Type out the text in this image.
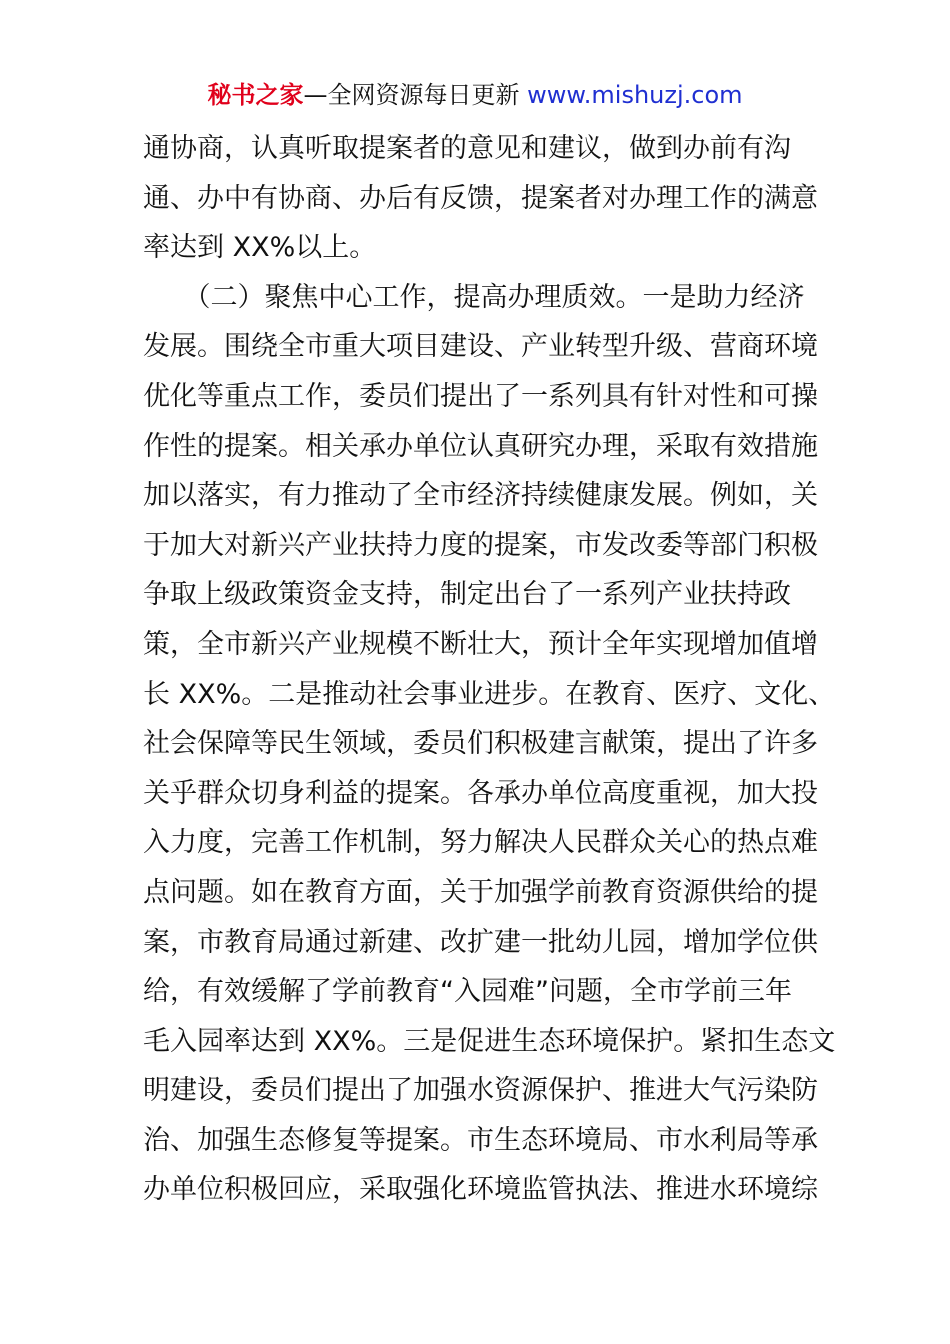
秘书之家—全网资源每日更新 www.mishuzj.com
通协商，认真听取提案者的意见和建议，做到办前有沟
通、办中有协商、办后有反馈，提案者对办理工作的满意
率达到 XX%以上。
　　（二）聚焦中心工作，提高办理质效。一是助力经济
发展。围绕全市重大项目建设、产业转型升级、营商环境
优化等重点工作，委员们提出了一系列具有针对性和可操
作性的提案。相关承办单位认真研究办理，采取有效措施
加以落实，有力推动了全市经济持续健康发展。例如，关
于加大对新兴产业扶持力度的提案，市发改委等部门积极
争取上级政策资金支持，制定出台了一系列产业扶持政
策，全市新兴产业规模不断壮大，预计全年实现增加值增
长 XX%。二是推动社会事业进步。在教育、医疗、文化、
社会保障等民生领域，委员们积极建言献策，提出了许多
关乎群众切身利益的提案。各承办单位高度重视，加大投
入力度，完善工作机制，努力解决人民群众关心的热点难
点问题。如在教育方面，关于加强学前教育资源供给的提
案，市教育局通过新建、改扩建一批幼儿园，增加学位供
给，有效缓解了学前教育“入园难”问题，全市学前三年
毛入园率达到 XX%。三是促进生态环境保护。紧扣生态文
明建设，委员们提出了加强水资源保护、推进大气污染防
治、加强生态修复等提案。市生态环境局、市水利局等承
办单位积极回应，采取强化环境监管执法、推进水环境综
